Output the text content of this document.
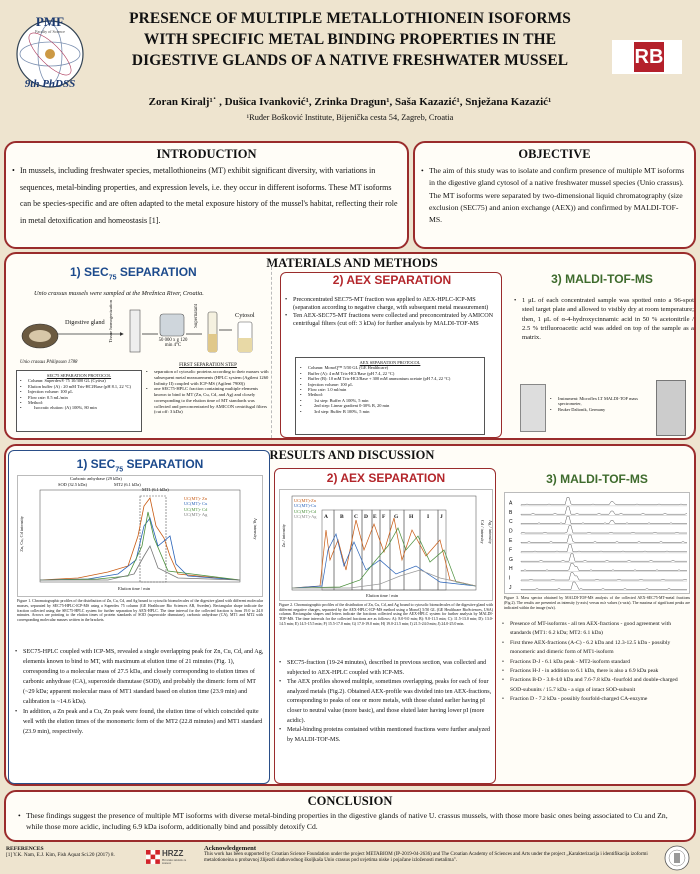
PMF
Faculty of Science
9th PhDSS
PRESENCE OF MULTIPLE METALLOTHIONEIN ISOFORMS
WITH SPECIFIC METAL BINDING PROPERTIES IN THE
DIGESTIVE GLANDS OF A NATIVE FRESHWATER MUSSEL
Zoran Kiralj¹˙ , Dušica Ivanković¹, Zrinka Dragun¹, Saša Kazazić¹, Snježana Kazazić¹
¹Ruđer Bošković Institute, Bijenička cesta 54, Zagreb, Croatia
RB
INTRODUCTION
• In mussels, including freshwater species, metallothioneins (MT) exhibit significant diversity, with variations in sequences, metal-binding properties, and expression levels, i.e. they occur in different isoforms. These MT isoforms can be species-specific and are often adapted to the metal exposure history of the mussel's habitat, reflecting their role in metal detoxification and homeostasis [1].
OBJECTIVE
• The aim of this study was to isolate and confirm presence of multiple MT isoforms in the digestive gland cytosol of a native freshwater mussel species (Unio crassus). The MT isoforms were separated by two-dimensional liquid chromatography (size exclusion (SEC75) and anion exchange (AEX)) and confirmed by MALDI-TOF-MS.
MATERIALS AND METHODS
1) $SEC_{75}$ SEPARATION
Unio crassus mussels were sampled at the Mrežnica River, Croatia.
Digestive gland Tissue homogenization	50 000 x g 120 min 4°C
Supernatant	Cytosol
Unio crassus Philipsson 1788
SEC75 SEPARATION PROTOCOL
• Column: Superdex® 75 10/300 GL (Cytiva)
• Elution buffer (A) : 20 mM Tris-HCl/Base (pH 8.1, 22 °C)
• Injection volume: 100 μL
• Flow rate: 0.5 mL/min
• Method:
• Isocratic elution: (A) 100%, 80 min
FIRST SEPARATION STEP
• separation of cytosolic proteins according to their masses with subsequent metal measurements (HPLC system (Agilent 1260 Infinity II) coupled with ICP-MS (Agilent 7900))
• one SEC75-HPLC fraction containing multiple elements known to bind to MT (Zn, Cu, Cd, and Ag) and closely corresponding to the elution time of MT standards was collected and preconcentrated by AMICON centrifugal filters (cut off: 3 kDa)
2) AEX SEPARATION
• Preconcentrated SEC75-MT fraction was applied to AEX-HPLC-ICP-MS (separation according to negative charge, with subsequent metal measurement)
• Ten AEX-SEC75-MT fractions were collected and preconcentrated by AMICON centrifugal filters (cut off: 3 kDa) for further analysis by MALDI-TOF-MS
AEX SEPARATION PROTOCOL
• Column: MonoQ™ 5/50 GL (GE Healthcare)
• Buffer (A): 4 mM Tris-HCl/Base (pH 7.4, 22 °C)
• Buffer (B): 10 mM Tris-HCl/Base + 300 mM ammonium acetate (pH 7.4, 22 °C)
• Injection volume: 100 μL
• Flow rate: 1.0 ml/min
• Method:
• 1st step: Buffer A 100%, 5 min
• 2nd step: Linear gradient 0-30% B, 20 min
• 3rd step: Buffer B 100%, 5 min
3) MALDI-TOF-MS
• 1 μL of each concentrated sample was spotted onto a 96-spot steel target plate and allowed to visibly dry at room temperature; then, 1 μL of α-4-hydroxycinnamic acid in 50 % acetonitrile / 2.5 % trifluoroacetic acid was added on top of the sample as a matrix.
• Instrument: Microflex LT MALDI-TOF mass spectrometer,
• Bruker Daltonik, Germany
RESULTS AND DISCUSSION
1) $SEC_{75}$ SEPARATION
Carbonic anhydrase (29 kDa)
SOD (32.5 kDa)	MT2 (6.1 kDa)
MT1 (6.1 kDa)
UC(MT)- Zn
UC(MT)- Cu
UC(MT)- Cd
UC(MT)- Ag
Zn, Cu, Cd intensity	Ag intensity
Elution time / min
Figure 1. Chromatographic profiles of the distribution of Zn, Cu, Cd, and Ag bound to cytosolic biomolecules of the digestive gland with different molecular masses, separated by SEC75-HPLC-ICP-MS using a Superdex 75 column (GE Healthcare Bio Sciences AB, Sweden). Rectangular shape indicate the fraction collected using the SEC75-HPLC system for further separation by AEX-HPLC. The time interval for the collected fraction is from 19.0 to 24.0 minutes. Arrows are pointing to the elution times of protein standards of SOD (superoxide dismutase), carbonic anhydrase (CA), MT1 and MT2 with corresponding molecular masses written in the brackets.
• SEC75-HPLC coupled with ICP-MS, revealed a single overlapping peak for Zn, Cu, Cd, and Ag, elements known to bind to MT, with maximum at elution time of 21 minutes (Fig. 1), corresponding to a molecular mass of 27.5 kDa, and closely corresponding to elution times of carbonic anhydrase (CA), superoxide dismutase (SOD), and probably the dimeric form of MT (~29 kDa; apparent molecular mass of MT1 standard based on elution time (23.9 min) and calibration is ~14.6 kDa).
• In addition, a Zn peak and a Cu, Zn peak were found, the elution time of which coincided quite well with the elution times of the monomeric form of the MT2 (22.8 minutes) and MT1 standard (23.9 min), respectively.
2) AEX SEPARATION
UC(MT)-Zn
UC(MT)-Cu
UC(MT)-Cd
UC(MT)-Ag A B C D E F G H I J
Zn / intensity	Cd / intensity Ag / intensity
Elution time / min
Figure 2. Chromatographic profiles of the distribution of Zn, Cu, Cd, and Ag bound to cytosolic biomolecules of the digestive gland with different negative charges, separated by the AEX-HPLC-ICP-MS method using a MonoQ 5/50 GL (GE Healthcare BioSciences, USA) column. Rectangular shapes and letters indicate the fractions collected using the AEX-HPLC system for further analysis by MALDI-TOF-MS. The time intervals for the collected fractions are as follows: A): 8.0-9.0 min; B): 9.0-11.5 min; C): 11.5-13.0 min; D): 13.0-14.5 min; E) 14.5-15.5 min; F) 15.5-17.0 min; G) 17.0-19.0 min; H) 19.0-21.5 min; I) 21.5-24.0 min; J) 24.0-25.0 min.
• SEC75-fraction (19-24 minutes), described in previous section, was collected and subjected to AEX-HPLC coupled with ICP-MS.
• The AEX profiles showed multiple, sometimes overlapping, peaks for each of four analyzed metals (Fig.2). Obtained AEX-profile was divided into ten AEX-fractions, corresponding to peaks of one or more metals, with those eluted earlier having pI closer to neutral value (more basic), and those eluted later having lower pI (more acidic).
• Metal-binding proteins contained within mentioned fractions were further analyzed by MALDI-TOF-MS.
3) MALDI-TOF-MS
A
B
C
D
E
F
G
H
I
J
Figure 3. Mass spectra obtained by MALDI-TOF-MS analysis of the collected AEX-SEC75-MT-metal fractions (Fig.2). The results are presented as intensity (y-axis) versus m/z values (x-axis). The maxima of significant peaks are indicated within the image (m/z).
• Presence of MT-isoforms - all ten AEX-fractions - good agreement with standards (MT1: 6.2 kDa; MT2: 6.1 kDa)
• First three AEX-fractions (A-C) - 6.2 kDa and 12.3-12.5 kDa - possibly monomeric and dimeric form of MT1-isoform
• Fractions D-J - 6.1 kDa peak - MT2-isoform standard
• Fractions H-J - in addition to 6.1 kDa, there is also a 6.9 kDa peak
• Fractions B-D - 3.8-4.0 kDa and 7.6-7.8 kDa -fourfold and double-charged SOD-subunits / 15.7 kDa - a sign of intact SOD-subunit
• Fraction D - 7.2 kDa - possibly fourfold-charged CA-enzyme
CONCLUSION
• These findings suggest the presence of multiple MT isoforms with diverse metal-binding properties in the digestive glands of native U. crassus mussels, with those more basic ones being associated to Cu and Zn, while those more acidic, including 6.9 kDa isoform, additionally bind and possibly detoxify Cd.
REFERENCES
[1] Y.K. Nam, E.J. Kim, Fish Aquat Sci.20 (2017) 8.	HRZZ
Hrvatska zaklada za znanost
Acknowledgement
This work has been supported by Croatian Science Foundation under the project METABIOM (IP-2019-04-2636) and The Croatian Academy of Sciences and Arts under the project „Karakterizacija i identifikacija izoformi metalotioneina u probavnoj žlijezdi slatkovodnog školjkaša Unio crassus pod uvjetima niske i pojačane izloženosti metalima".
